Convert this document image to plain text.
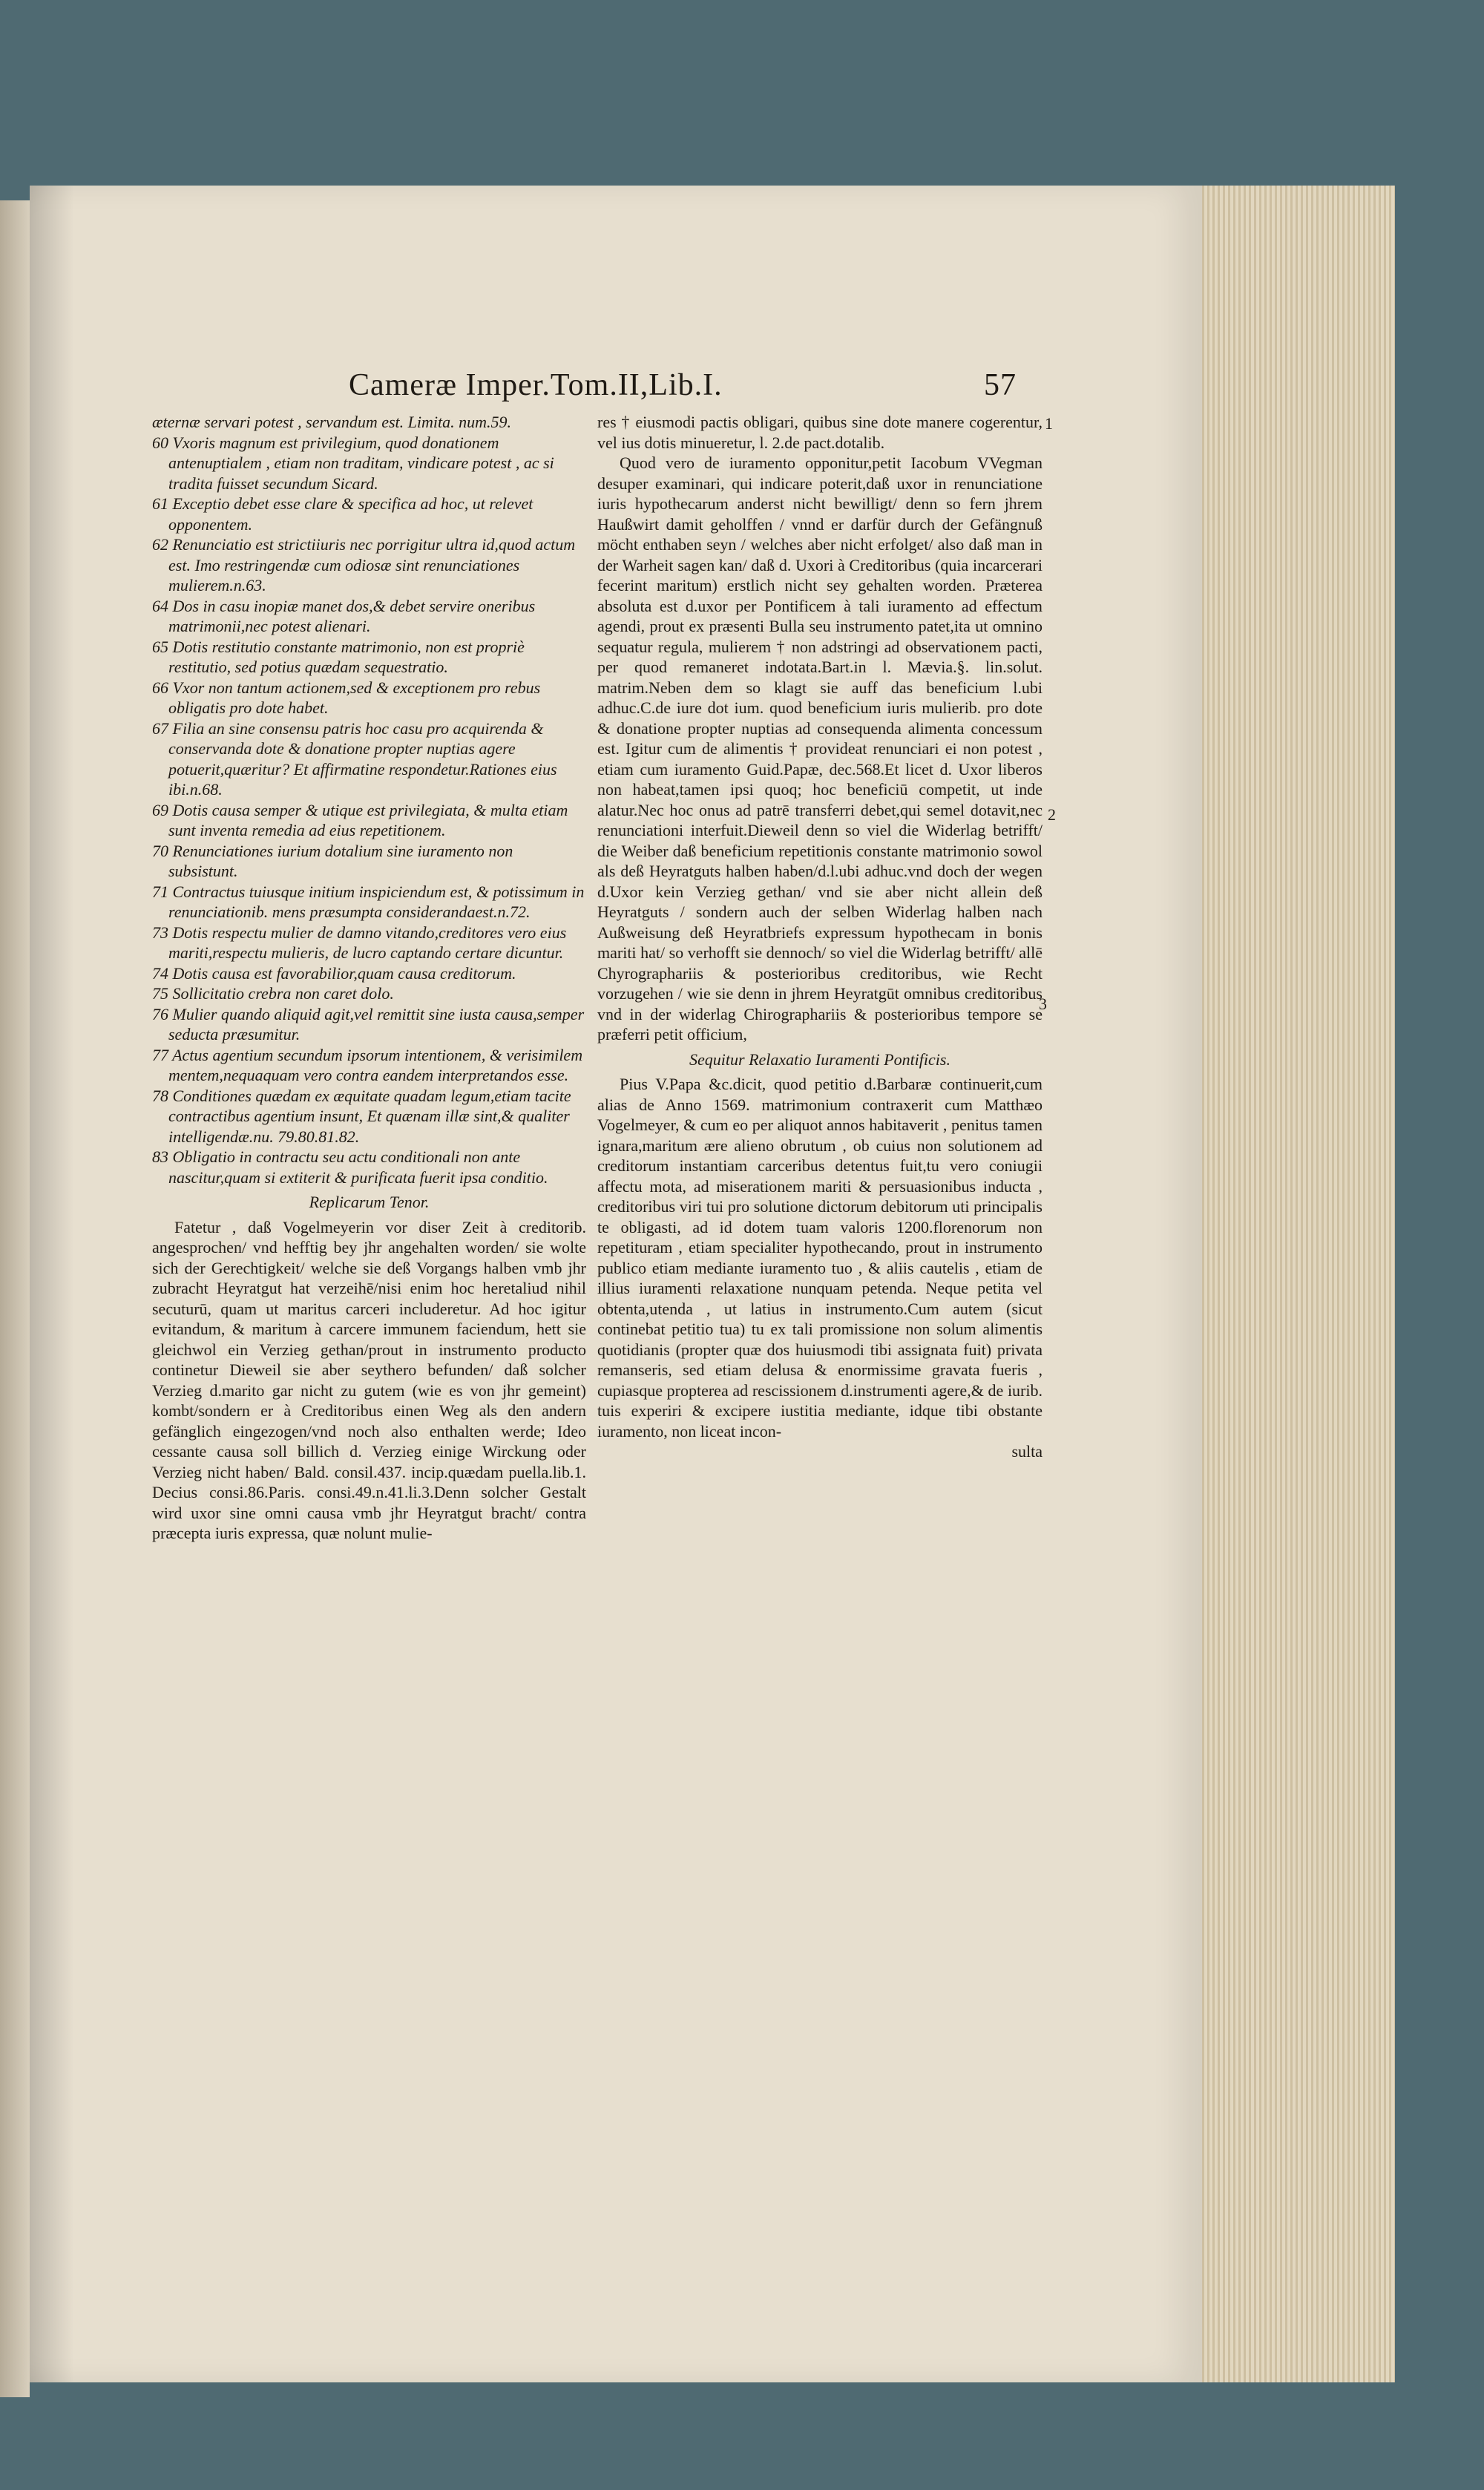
Cameræ Imper.Tom.II,Lib.I.	57

æternæ servari potest , servandum est. Limita. num.59.

60 Vxoris magnum est privilegium, quod donationem antenuptialem , etiam non traditam, vindicare potest , ac si tradita fuisset secundum Sicard.

61 Exceptio debet esse clare & specifica ad hoc, ut relevet opponentem.

62 Renunciatio est strictiiuris nec porrigitur ultra id,quod actum est. Imo restringendæ cum odiosæ sint renunciationes mulierem.n.63.

64 Dos in casu inopiæ manet dos,& debet servire oneribus matrimonii,nec potest alienari.

65 Dotis restitutio constante matrimonio, non est propriè restitutio, sed potius quædam sequestratio.

66 Vxor non tantum actionem,sed & exceptionem pro rebus obligatis pro dote habet.

67 Filia an sine consensu patris hoc casu pro acquirenda & conservanda dote & donatione propter nuptias agere potuerit,quæritur? Et affirmatine respondetur.Rationes eius ibi.n.68.

69 Dotis causa semper & utique est privilegiata, & multa etiam sunt inventa remedia ad eius repetitionem.

70 Renunciationes iurium dotalium sine iuramento non subsistunt.

71 Contractus tuiusque initium inspiciendum est, & potissimum in renunciationib. mens præsumpta considerandaest.n.72.

73 Dotis respectu mulier de damno vitando,creditores vero eius mariti,respectu mulieris, de lucro captando certare dicuntur.

74 Dotis causa est favorabilior,quam causa creditorum.

75 Sollicitatio crebra non caret dolo.

76 Mulier quando aliquid agit,vel remittit sine iusta causa,semper seducta præsumitur.

77 Actus agentium secundum ipsorum intentionem, & verisimilem mentem,nequaquam vero contra eandem interpretandos esse.

78 Conditiones quædam ex æquitate quadam legum,etiam tacite contractibus agentium insunt, Et quænam illæ sint,& qualiter intelligendæ.nu. 79.80.81.82.

83 Obligatio in contractu seu actu conditionali non ante nascitur,quam si extiterit & purificata fuerit ipsa conditio.

Replicarum Tenor.

Fatetur , daß Vogelmeyerin vor diser Zeit à creditorib. angesprochen/ vnd hefftig bey jhr angehalten worden/ sie wolte sich der Gerechtigkeit/ welche sie deß Vorgangs halben vmb jhr zubracht Heyratgut hat verzeihē/nisi enim hoc heretaliud nihil secuturū, quam ut maritus carceri includeretur. Ad hoc igitur evitandum, & maritum à carcere immunem faciendum, hett sie gleichwol ein Verzieg gethan/prout in instrumento producto continetur Dieweil sie aber seythero befunden/ daß solcher Verzieg d.marito gar nicht zu gutem (wie es von jhr gemeint) kombt/sondern er à Creditoribus einen Weg als den andern gefänglich eingezogen/vnd noch also enthalten werde; Ideo cessante causa soll billich d. Verzieg einige Wirckung oder Verzieg nicht haben/ Bald. consil.437. incip.quædam puella.lib.1. Decius consi.86.Paris. consi.49.n.41.li.3.Denn solcher Gestalt wird uxor sine omni causa vmb jhr Heyratgut bracht/ contra præcepta iuris expressa, quæ nolunt mulie-

res † eiusmodi pactis obligari, quibus sine dote manere cogerentur, vel ius dotis minueretur, l. 2.de pact.dotalib.

Quod vero de iuramento opponitur,petit Iacobum VVegman desuper examinari, qui indicare poterit,daß uxor in renunciatione iuris hypothecarum anderst nicht bewilligt/ denn so fern jhrem Haußwirt damit geholffen / vnnd er darfür durch der Gefängnuß möcht enthaben seyn / welches aber nicht erfolget/ also daß man in der Warheit sagen kan/ daß d. Uxori à Creditoribus (quia incarcerari fecerint maritum) erstlich nicht sey gehalten worden. Præterea absoluta est d.uxor per Pontificem à tali iuramento ad effectum agendi, prout ex præsenti Bulla seu instrumento patet,ita ut omnino sequatur regula, mulierem † non adstringi ad observationem pacti, per quod remaneret indotata.Bart.in l. Mævia.§. lin.solut. matrim.Neben dem so klagt sie auff das beneficium l.ubi adhuc.C.de iure dot ium. quod beneficium iuris mulierib. pro dote & donatione propter nuptias ad consequenda alimenta concessum est. Igitur cum de alimentis † provideat renunciari ei non potest , etiam cum iuramento Guid.Papæ, dec.568.Et licet d. Uxor liberos non habeat,tamen ipsi quoq; hoc beneficiū competit, ut inde alatur.Nec hoc onus ad patrē transferri debet,qui semel dotavit,nec renunciationi interfuit.Dieweil denn so viel die Widerlag betrifft/ die Weiber daß beneficium repetitionis constante matrimonio sowol als deß Heyratguts halben haben/d.l.ubi adhuc.vnd doch der wegen d.Uxor kein Verzieg gethan/ vnd sie aber nicht allein deß Heyratguts / sondern auch der selben Widerlag halben nach Außweisung deß Heyratbriefs expressum hypothecam in bonis mariti hat/ so verhofft sie dennoch/ so viel die Widerlag betrifft/ allē Chyrographariis & posterioribus creditoribus, wie Recht vorzugehen / wie sie denn in jhrem Heyratgūt omnibus creditoribus vnd in der widerlag Chirographariis & posterioribus tempore se præferri petit officium,

Sequitur Relaxatio Iuramenti Pontificis.

Pius V.Papa &c.dicit, quod petitio d.Barbaræ continuerit,cum alias de Anno 1569. matrimonium contraxerit cum Matthæo Vogelmeyer, & cum eo per aliquot annos habitaverit , penitus tamen ignara,maritum ære alieno obrutum , ob cuius non solutionem ad creditorum instantiam carceribus detentus fuit,tu vero coniugii affectu mota, ad miserationem mariti & persuasionibus inducta , creditoribus viri tui pro solutione dictorum debitorum uti principalis te obligasti, ad id dotem tuam valoris 1200.florenorum non repetituram , etiam specialiter hypothecando, prout in instrumento publico etiam mediante iuramento tuo , & aliis cautelis , etiam de illius iuramenti relaxatione nunquam petenda. Neque petita vel obtenta,utenda , ut latius in instrumento.Cum autem (sicut continebat petitio tua) tu ex tali promissione non solum alimentis quotidianis (propter quæ dos huiusmodi tibi assignata fuit) privata remanseris, sed etiam delusa & enormissime gravata fueris , cupiasque propterea ad rescissionem d.instrumenti agere,& de iurib. tuis experiri & excipere iustitia mediante, idque tibi obstante iuramento, non liceat incon-

sulta

1
2
3
